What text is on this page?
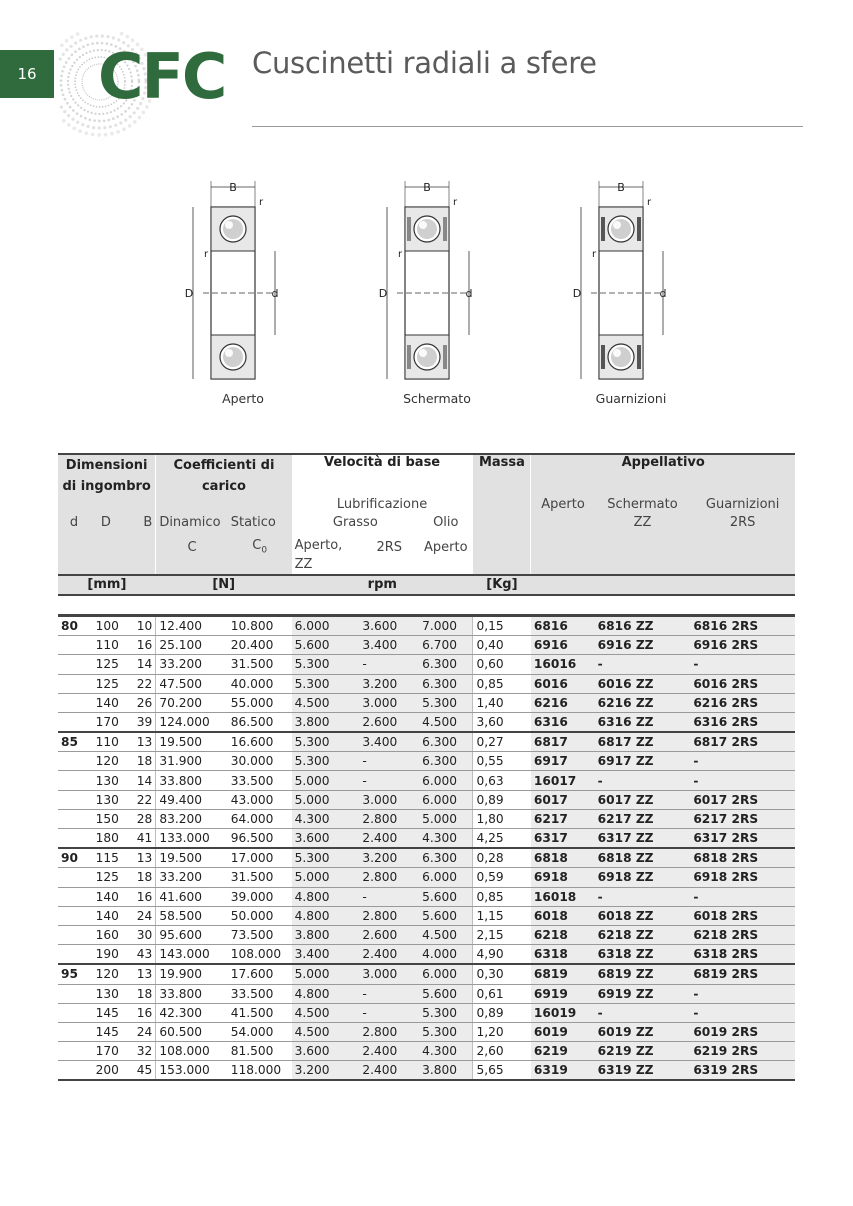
16 CFC Cuscinetti radiali a sfere
B
D	d
r
r
Aperto
B
D	d
r
r
Schermato
B
D	d
r
r
Guarnizioni
Dimensioni di ingombro			Coefficienti di carico		Velocità di base			Massa	Appellativo		
					Lubrificazione				Aperto	Schermato	Guarnizioni
d	D	B	Dinamico	Statico	Grasso		Olio			ZZ	2RS
			C	$C_0$	Aperto, ZZ	2RS	Aperto				

[mm]			[N]		rpm			[Kg]			

80	100	10	12.400	10.800	6.000	3.600	7.000	0,15	6816	6816 ZZ	6816 2RS
	110	16	25.100	20.400	5.600	3.400	6.700	0,40	6916	6916 ZZ	6916 2RS
	125	14	33.200	31.500	5.300	-	6.300	0,60	16016	-	-
	125	22	47.500	40.000	5.300	3.200	6.300	0,85	6016	6016 ZZ	6016 2RS
	140	26	70.200	55.000	4.500	3.000	5.300	1,40	6216	6216 ZZ	6216 2RS
	170	39	124.000	86.500	3.800	2.600	4.500	3,60	6316	6316 ZZ	6316 2RS
85	110	13	19.500	16.600	5.300	3.400	6.300	0,27	6817	6817 ZZ	6817 2RS
	120	18	31.900	30.000	5.300	-	6.300	0,55	6917	6917 ZZ	-
	130	14	33.800	33.500	5.000	-	6.000	0,63	16017	-	-
	130	22	49.400	43.000	5.000	3.000	6.000	0,89	6017	6017 ZZ	6017 2RS
	150	28	83.200	64.000	4.300	2.800	5.000	1,80	6217	6217 ZZ	6217 2RS
	180	41	133.000	96.500	3.600	2.400	4.300	4,25	6317	6317 ZZ	6317 2RS
90	115	13	19.500	17.000	5.300	3.200	6.300	0,28	6818	6818 ZZ	6818 2RS
	125	18	33.200	31.500	5.000	2.800	6.000	0,59	6918	6918 ZZ	6918 2RS
	140	16	41.600	39.000	4.800	-	5.600	0,85	16018	-	-
	140	24	58.500	50.000	4.800	2.800	5.600	1,15	6018	6018 ZZ	6018 2RS
	160	30	95.600	73.500	3.800	2.600	4.500	2,15	6218	6218 ZZ	6218 2RS
	190	43	143.000	108.000	3.400	2.400	4.000	4,90	6318	6318 ZZ	6318 2RS
95	120	13	19.900	17.600	5.000	3.000	6.000	0,30	6819	6819 ZZ	6819 2RS
	130	18	33.800	33.500	4.800	-	5.600	0,61	6919	6919 ZZ	-
	145	16	42.300	41.500	4.500	-	5.300	0,89	16019	-	-
	145	24	60.500	54.000	4.500	2.800	5.300	1,20	6019	6019 ZZ	6019 2RS
	170	32	108.000	81.500	3.600	2.400	4.300	2,60	6219	6219 ZZ	6219 2RS
	200	45	153.000	118.000	3.200	2.400	3.800	5,65	6319	6319 ZZ	6319 2RS
